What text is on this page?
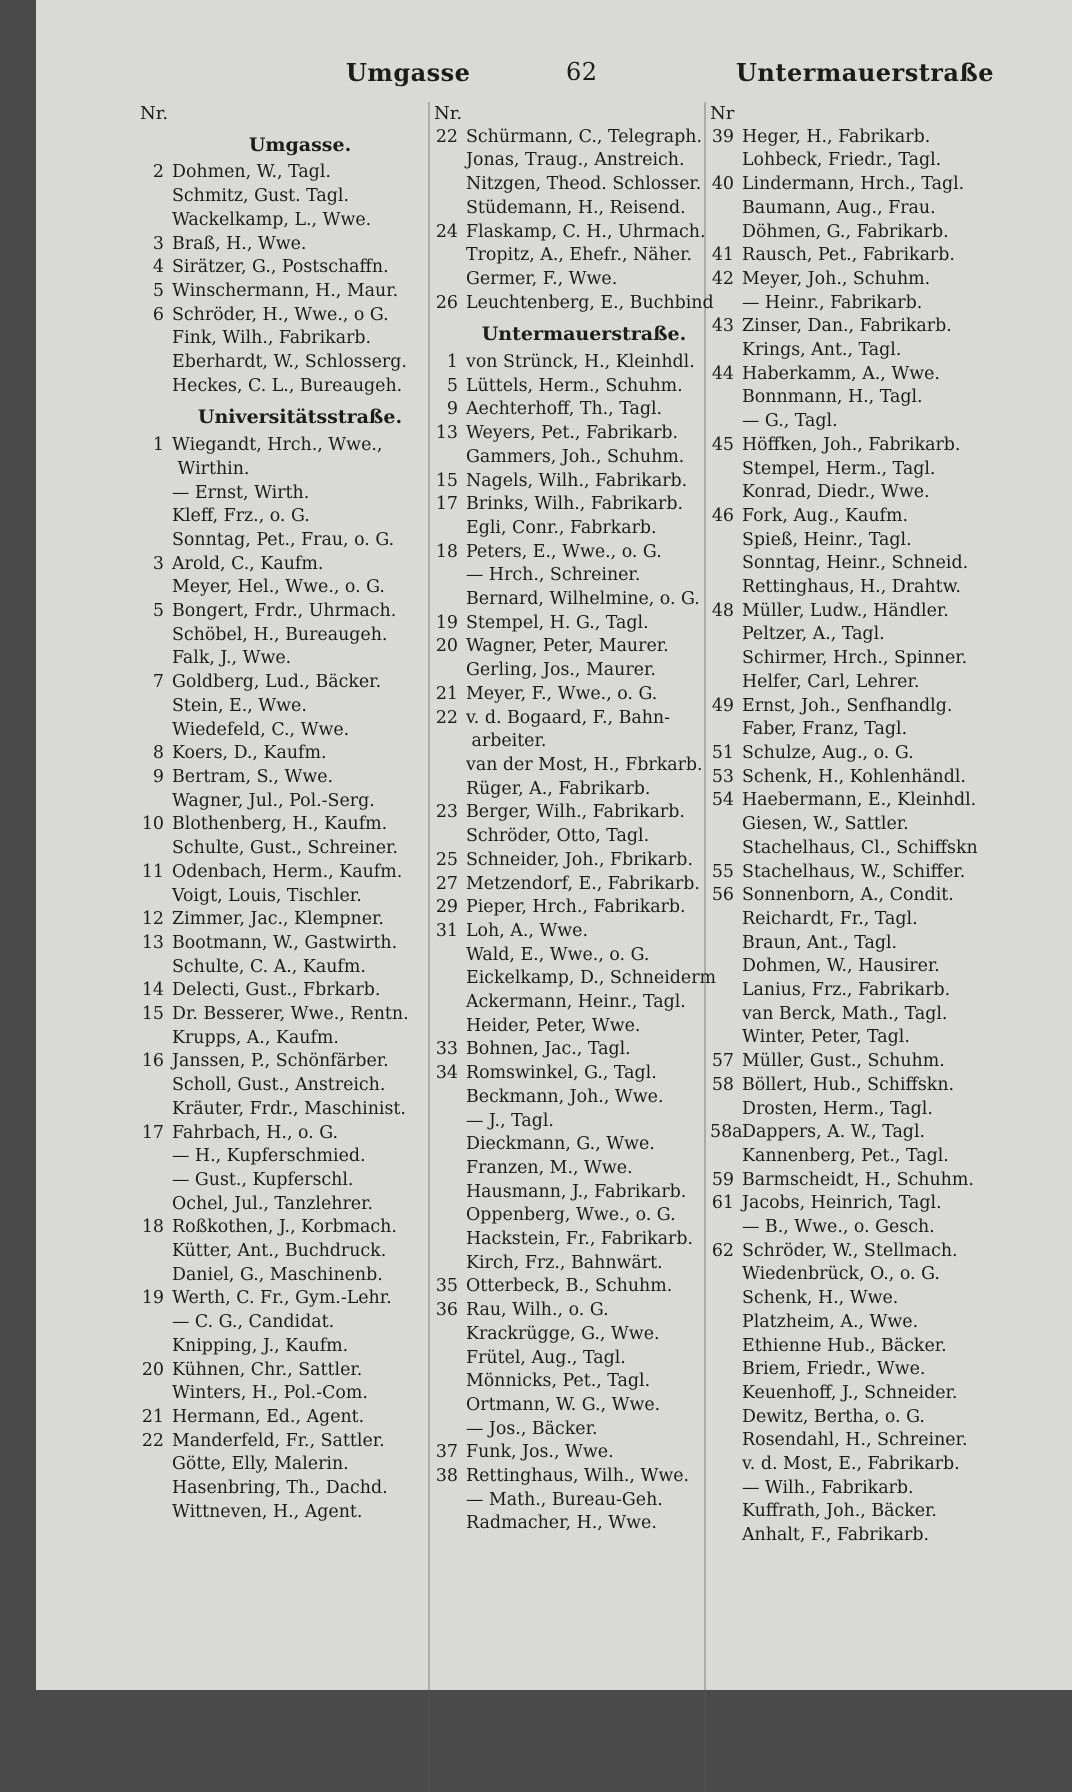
Umgasse	62	Untermauerstraße
Nr.
Umgasse.
2 Dohmen, W., Tagl.
Schmitz, Gust. Tagl.
Wackelkamp, L., Wwe.
3 Braß, H., Wwe.
4 Sirätzer, G., Postschaffn.
5 Winschermann, H., Maur.
6 Schröder, H., Wwe., o G.
Fink, Wilh., Fabrikarb.
Eberhardt, W., Schlosserg.
Heckes, C. L., Bureaugeh.
Universitätsstraße.
1 Wiegandt, Hrch., Wwe.,
Wirthin.
— Ernst, Wirth.
Kleff, Frz., o. G.
Sonntag, Pet., Frau, o. G.
3 Arold, C., Kaufm.
Meyer, Hel., Wwe., o. G.
5 Bongert, Frdr., Uhrmach.
Schöbel, H., Bureaugeh.
Falk, J., Wwe.
7 Goldberg, Lud., Bäcker.
Stein, E., Wwe.
Wiedefeld, C., Wwe.
8 Koers, D., Kaufm.
9 Bertram, S., Wwe.
Wagner, Jul., Pol.-Serg.
10 Blothenberg, H., Kaufm.
Schulte, Gust., Schreiner.
11 Odenbach, Herm., Kaufm.
Voigt, Louis, Tischler.
12 Zimmer, Jac., Klempner.
13 Bootmann, W., Gastwirth.
Schulte, C. A., Kaufm.
14 Delecti, Gust., Fbrkarb.
15 Dr. Besserer, Wwe., Rentn.
Krupps, A., Kaufm.
16 Janssen, P., Schönfärber.
Scholl, Gust., Anstreich.
Kräuter, Frdr., Maschinist.
17 Fahrbach, H., o. G.
— H., Kupferschmied.
— Gust., Kupferschl.
Ochel, Jul., Tanzlehrer.
18 Roßkothen, J., Korbmach.
Kütter, Ant., Buchdruck.
Daniel, G., Maschinenb.
19 Werth, C. Fr., Gym.-Lehr.
— C. G., Candidat.
Knipping, J., Kaufm.
20 Kühnen, Chr., Sattler.
Winters, H., Pol.-Com.
21 Hermann, Ed., Agent.
22 Manderfeld, Fr., Sattler.
Götte, Elly, Malerin.
Hasenbring, Th., Dachd.
Wittneven, H., Agent.
Nr.
22 Schürmann, C., Telegraph.
Jonas, Traug., Anstreich.
Nitzgen, Theod. Schlosser.
Stüdemann, H., Reisend.
24 Flaskamp, C. H., Uhrmach.
Tropitz, A., Ehefr., Näher.
Germer, F., Wwe.
26 Leuchtenberg, E., Buchbind
Untermauerstraße.
1 von Strünck, H., Kleinhdl.
5 Lüttels, Herm., Schuhm.
9 Aechterhoff, Th., Tagl.
13 Weyers, Pet., Fabrikarb.
Gammers, Joh., Schuhm.
15 Nagels, Wilh., Fabrikarb.
17 Brinks, Wilh., Fabrikarb.
Egli, Conr., Fabrkarb.
18 Peters, E., Wwe., o. G.
— Hrch., Schreiner.
Bernard, Wilhelmine, o. G.
19 Stempel, H. G., Tagl.
20 Wagner, Peter, Maurer.
Gerling, Jos., Maurer.
21 Meyer, F., Wwe., o. G.
22 v. d. Bogaard, F., Bahn-
arbeiter.
van der Most, H., Fbrkarb.
Rüger, A., Fabrikarb.
23 Berger, Wilh., Fabrikarb.
Schröder, Otto, Tagl.
25 Schneider, Joh., Fbrikarb.
27 Metzendorf, E., Fabrikarb.
29 Pieper, Hrch., Fabrikarb.
31 Loh, A., Wwe.
Wald, E., Wwe., o. G.
Eickelkamp, D., Schneiderm
Ackermann, Heinr., Tagl.
Heider, Peter, Wwe.
33 Bohnen, Jac., Tagl.
34 Romswinkel, G., Tagl.
Beckmann, Joh., Wwe.
— J., Tagl.
Dieckmann, G., Wwe.
Franzen, M., Wwe.
Hausmann, J., Fabrikarb.
Oppenberg, Wwe., o. G.
Hackstein, Fr., Fabrikarb.
Kirch, Frz., Bahnwärt.
35 Otterbeck, B., Schuhm.
36 Rau, Wilh., o. G.
Krackrügge, G., Wwe.
Frütel, Aug., Tagl.
Mönnicks, Pet., Tagl.
Ortmann, W. G., Wwe.
— Jos., Bäcker.
37 Funk, Jos., Wwe.
38 Rettinghaus, Wilh., Wwe.
— Math., Bureau-Geh.
Radmacher, H., Wwe.
Nr
39 Heger, H., Fabrikarb.
Lohbeck, Friedr., Tagl.
40 Lindermann, Hrch., Tagl.
Baumann, Aug., Frau.
Döhmen, G., Fabrikarb.
41 Rausch, Pet., Fabrikarb.
42 Meyer, Joh., Schuhm.
— Heinr., Fabrikarb.
43 Zinser, Dan., Fabrikarb.
Krings, Ant., Tagl.
44 Haberkamm, A., Wwe.
Bonnmann, H., Tagl.
— G., Tagl.
45 Höffken, Joh., Fabrikarb.
Stempel, Herm., Tagl.
Konrad, Diedr., Wwe.
46 Fork, Aug., Kaufm.
Spieß, Heinr., Tagl.
Sonntag, Heinr., Schneid.
Rettinghaus, H., Drahtw.
48 Müller, Ludw., Händler.
Peltzer, A., Tagl.
Schirmer, Hrch., Spinner.
Helfer, Carl, Lehrer.
49 Ernst, Joh., Senfhandlg.
Faber, Franz, Tagl.
51 Schulze, Aug., o. G.
53 Schenk, H., Kohlenhändl.
54 Haebermann, E., Kleinhdl.
Giesen, W., Sattler.
Stachelhaus, Cl., Schiffskn
55 Stachelhaus, W., Schiffer.
56 Sonnenborn, A., Condit.
Reichardt, Fr., Tagl.
Braun, Ant., Tagl.
Dohmen, W., Hausirer.
Lanius, Frz., Fabrikarb.
van Berck, Math., Tagl.
Winter, Peter, Tagl.
57 Müller, Gust., Schuhm.
58 Böllert, Hub., Schiffskn.
Drosten, Herm., Tagl.
58aDappers, A. W., Tagl.
Kannenberg, Pet., Tagl.
59 Barmscheidt, H., Schuhm.
61 Jacobs, Heinrich, Tagl.
— B., Wwe., o. Gesch.
62 Schröder, W., Stellmach.
Wiedenbrück, O., o. G.
Schenk, H., Wwe.
Platzheim, A., Wwe.
Ethienne Hub., Bäcker.
Briem, Friedr., Wwe.
Keuenhoff, J., Schneider.
Dewitz, Bertha, o. G.
Rosendahl, H., Schreiner.
v. d. Most, E., Fabrikarb.
— Wilh., Fabrikarb.
Kuffrath, Joh., Bäcker.
Anhalt, F., Fabrikarb.
